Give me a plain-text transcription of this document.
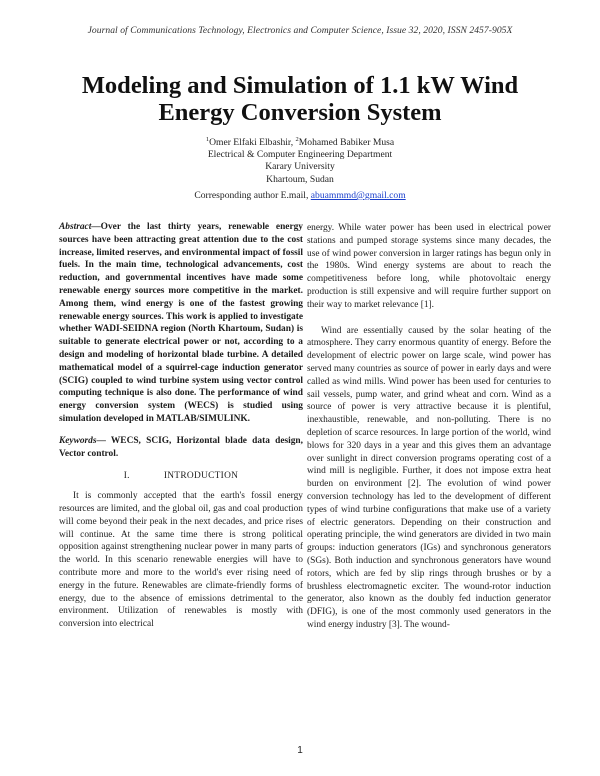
Journal of Communications Technology, Electronics and Computer Science, Issue 32, 2020, ISSN 2457-905X
Modeling and Simulation of 1.1 kW Wind
Energy Conversion System
$^1$Omer Elfaki Elbashir, $^2$Mohamed Babiker Musa
Electrical & Computer Engineering Department
Karary University
Khartoum, Sudan
Corresponding author E.mail, abuammmd@gmail.com

Abstract—Over the last thirty years, renewable energy sources have been attracting great attention due to the cost increase, limited reserves, and environmental impact of fossil fuels. In the main time, technological advancements, cost reduction, and governmental incentives have made some renewable energy sources more competitive in the market. Among them, wind energy is one of the fastest growing renewable energy sources. This work is applied to investigate whether WADI-SEIDNA region (North Khartoum, Sudan) is suitable to generate electrical power or not, according to a design and modeling of horizontal blade turbine. A detailed mathematical model of a squirrel-cage induction generator (SCIG) coupled to wind turbine system using vector control computing technique is also done. The performance of wind energy conversion system (WECS) is studied using simulation developed in MATLAB/SIMULINK.

Keywords— WECS, SCIG, Horizontal blade data design, Vector control.

I.	INTRODUCTION

It is commonly accepted that the earth's fossil energy resources are limited, and the global oil, gas and coal production will come beyond their peak in the next decades, and price rises will continue. At the same time there is strong political opposition against strengthening nuclear power in many parts of the world. In this scenario renewable energies will have to contribute more and more to the world's ever rising need of energy in the future. Renewables are climate-friendly forms of energy, due to the absence of emissions detrimental to the environment. Utilization of renewables is mostly with conversion into electrical

energy. While water power has been used in electrical power stations and pumped storage systems since many decades, the use of wind power conversion in larger ratings has begun only in the 1980s. Wind energy systems are about to reach the competitiveness before long, while photovoltaic energy production is still expensive and will require further support on their way to market relevance [1].

Wind are essentially caused by the solar heating of the atmosphere. They carry enormous quantity of energy. Before the development of electric power on large scale, wind power has served many countries as source of power in early days and were called as wind mills. Wind power has been used for centuries to sail vessels, pump water, and grind wheat and corn. Wind as a source of power is very attractive because it is plentiful, inexhaustible, renewable, and non-polluting. There is no depletion of scarce resources. In large portion of the world, wind blows for 320 days in a year and this gives them an advantage over sunlight in direct conversion programs operating cost of a wind mill is negligible. Further, it does not impose extra heat burden on environment [2]. The evolution of wind power conversion technology has led to the development of different types of wind turbine configurations that make use of a variety of electric generators. Depending on their construction and operating principle, the wind generators are divided in two main groups: induction generators (IGs) and synchronous generators (SGs). Both induction and synchronous generators have wound rotors, which are fed by slip rings through brushes or by a brushless electromagnetic exciter. The wound-rotor induction generator, also known as the doubly fed induction generator (DFIG), is one of the most commonly used generators in the wind energy industry [3]. The wound-

1
